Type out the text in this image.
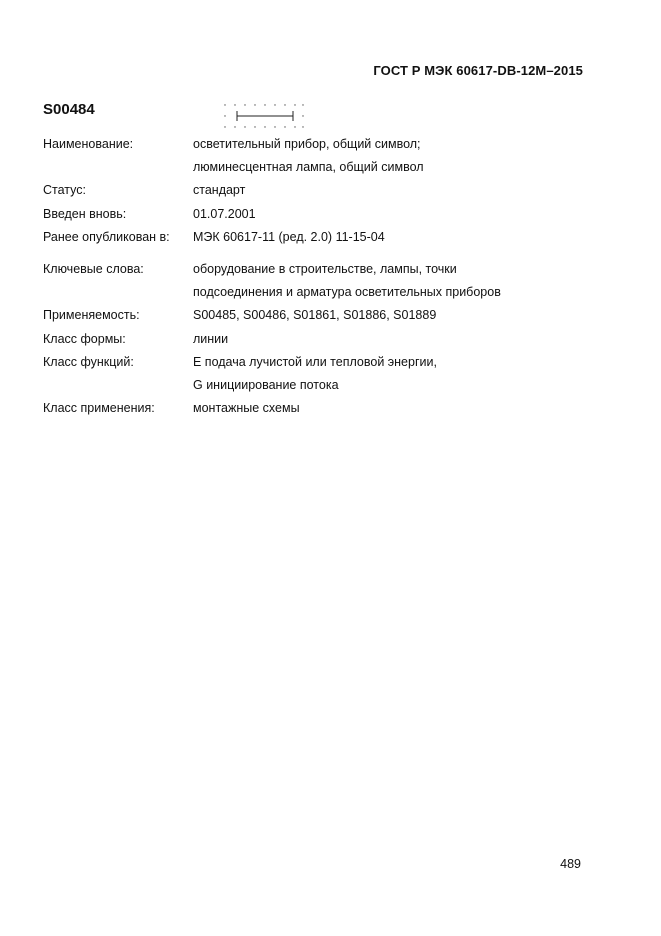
ГОСТ Р МЭК 60617-DB-12M–2015
S00484
Наименование:	осветительный прибор, общий символ;
люминесцентная лампа, общий символ
Статус:	стандарт
Введен вновь:	01.07.2001
Ранее опубликован в:	МЭК 60617-11 (ред. 2.0) 11-15-04
Ключевые слова:	оборудование в строительстве, лампы, точки
подсоединения и арматура осветительных приборов
Применяемость:	S00485, S00486, S01861, S01886, S01889
Класс формы:	линии
Класс функций:	Е подача лучистой или тепловой энергии,
G инициирование потока
Класс применения:	монтажные схемы
489
